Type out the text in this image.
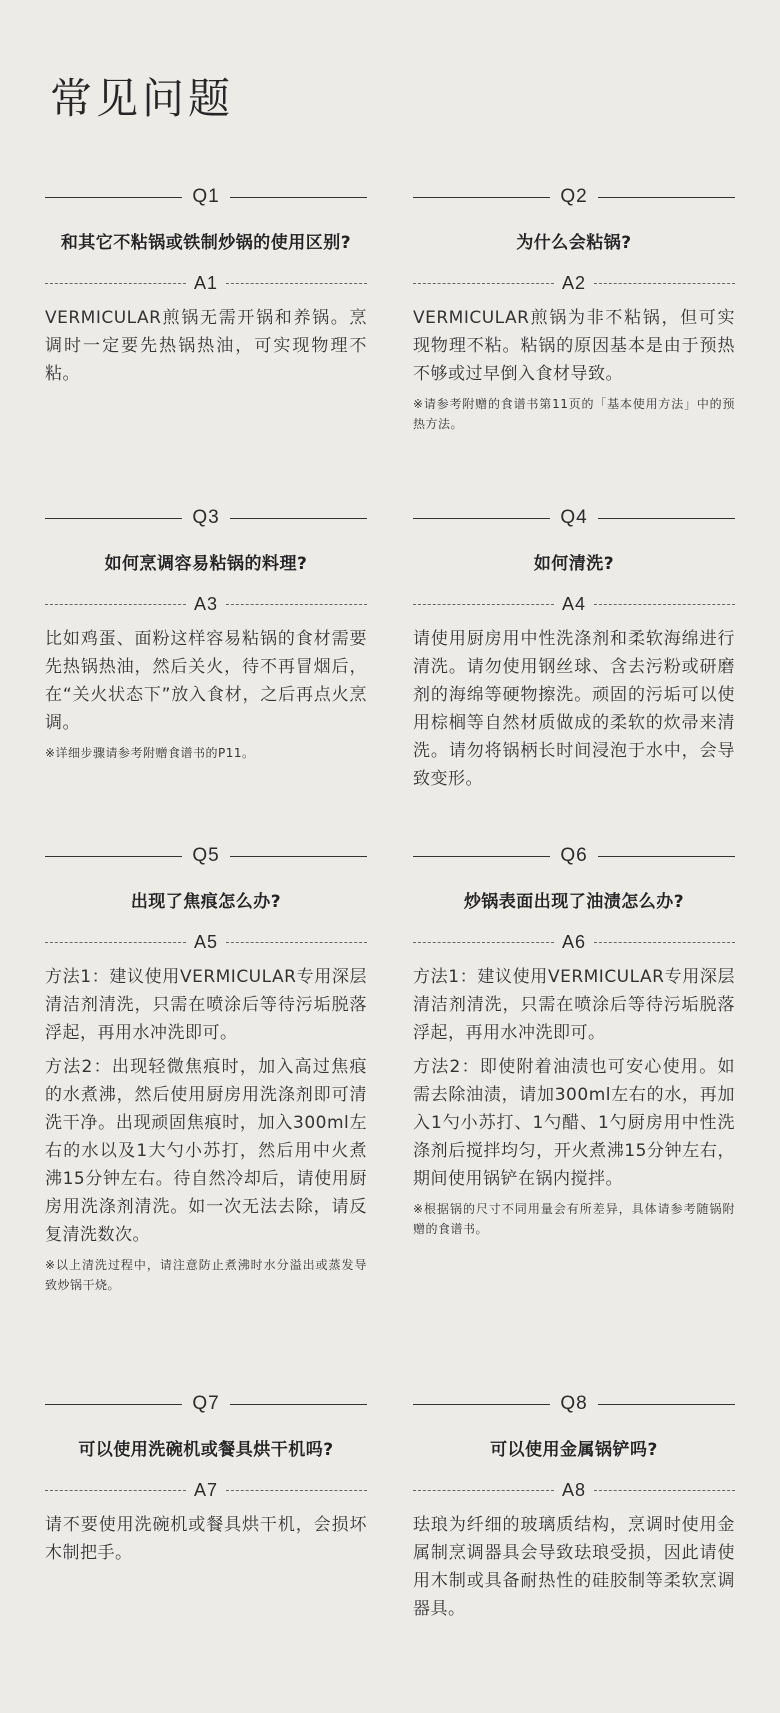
常见问题
Q1
和其它不粘锅或铁制炒锅的使用区别?
A1

VERMICULAR煎锅无需开锅和养锅。烹调时一定要先热锅热油，可实现物理不粘。

Q2
为什么会粘锅?
A2

VERMICULAR煎锅为非不粘锅，但可实现物理不粘。粘锅的原因基本是由于预热不够或过早倒入食材导致。

※请参考附赠的食谱书第11页的「基本使用方法」中的预热方法。
Q3
如何烹调容易粘锅的料理?
A3

比如鸡蛋、面粉这样容易粘锅的食材需要先热锅热油，然后关火，待不再冒烟后，在“关火状态下”放入食材，之后再点火烹调。

※详细步骤请参考附赠食谱书的P11。
Q4
如何清洗?
A4

请使用厨房用中性洗涤剂和柔软海绵进行清洗。请勿使用钢丝球、含去污粉或研磨剂的海绵等硬物擦洗。顽固的污垢可以使用棕榈等自然材质做成的柔软的炊帚来清洗。请勿将锅柄长时间浸泡于水中，会导致变形。

Q5
出现了焦痕怎么办?
A5

方法1：建议使用VERMICULAR专用深层清洁剂清洗，只需在喷涂后等待污垢脱落浮起，再用水冲洗即可。

方法2：出现轻微焦痕时，加入高过焦痕的水煮沸，然后使用厨房用洗涤剂即可清洗干净。出现顽固焦痕时，加入300ml左右的水以及1大勺小苏打，然后用中火煮沸15分钟左右。待自然冷却后，请使用厨房用洗涤剂清洗。如一次无法去除，请反复清洗数次。

※以上清洗过程中，请注意防止煮沸时水分溢出或蒸发导致炒锅干烧。
Q6
炒锅表面出现了油渍怎么办?
A6

方法1：建议使用VERMICULAR专用深层清洁剂清洗，只需在喷涂后等待污垢脱落浮起，再用水冲洗即可。

方法2：即使附着油渍也可安心使用。如需去除油渍，请加300ml左右的水，再加入1勺小苏打、1勺醋、1勺厨房用中性洗涤剂后搅拌均匀，开火煮沸15分钟左右，期间使用锅铲在锅内搅拌。

※根据锅的尺寸不同用量会有所差异，具体请参考随锅附赠的食谱书。
Q7
可以使用洗碗机或餐具烘干机吗?
A7

请不要使用洗碗机或餐具烘干机，会损坏木制把手。

Q8
可以使用金属锅铲吗?
A8

珐琅为纤细的玻璃质结构，烹调时使用金属制烹调器具会导致珐琅受损，因此请使用木制或具备耐热性的硅胶制等柔软烹调器具。
